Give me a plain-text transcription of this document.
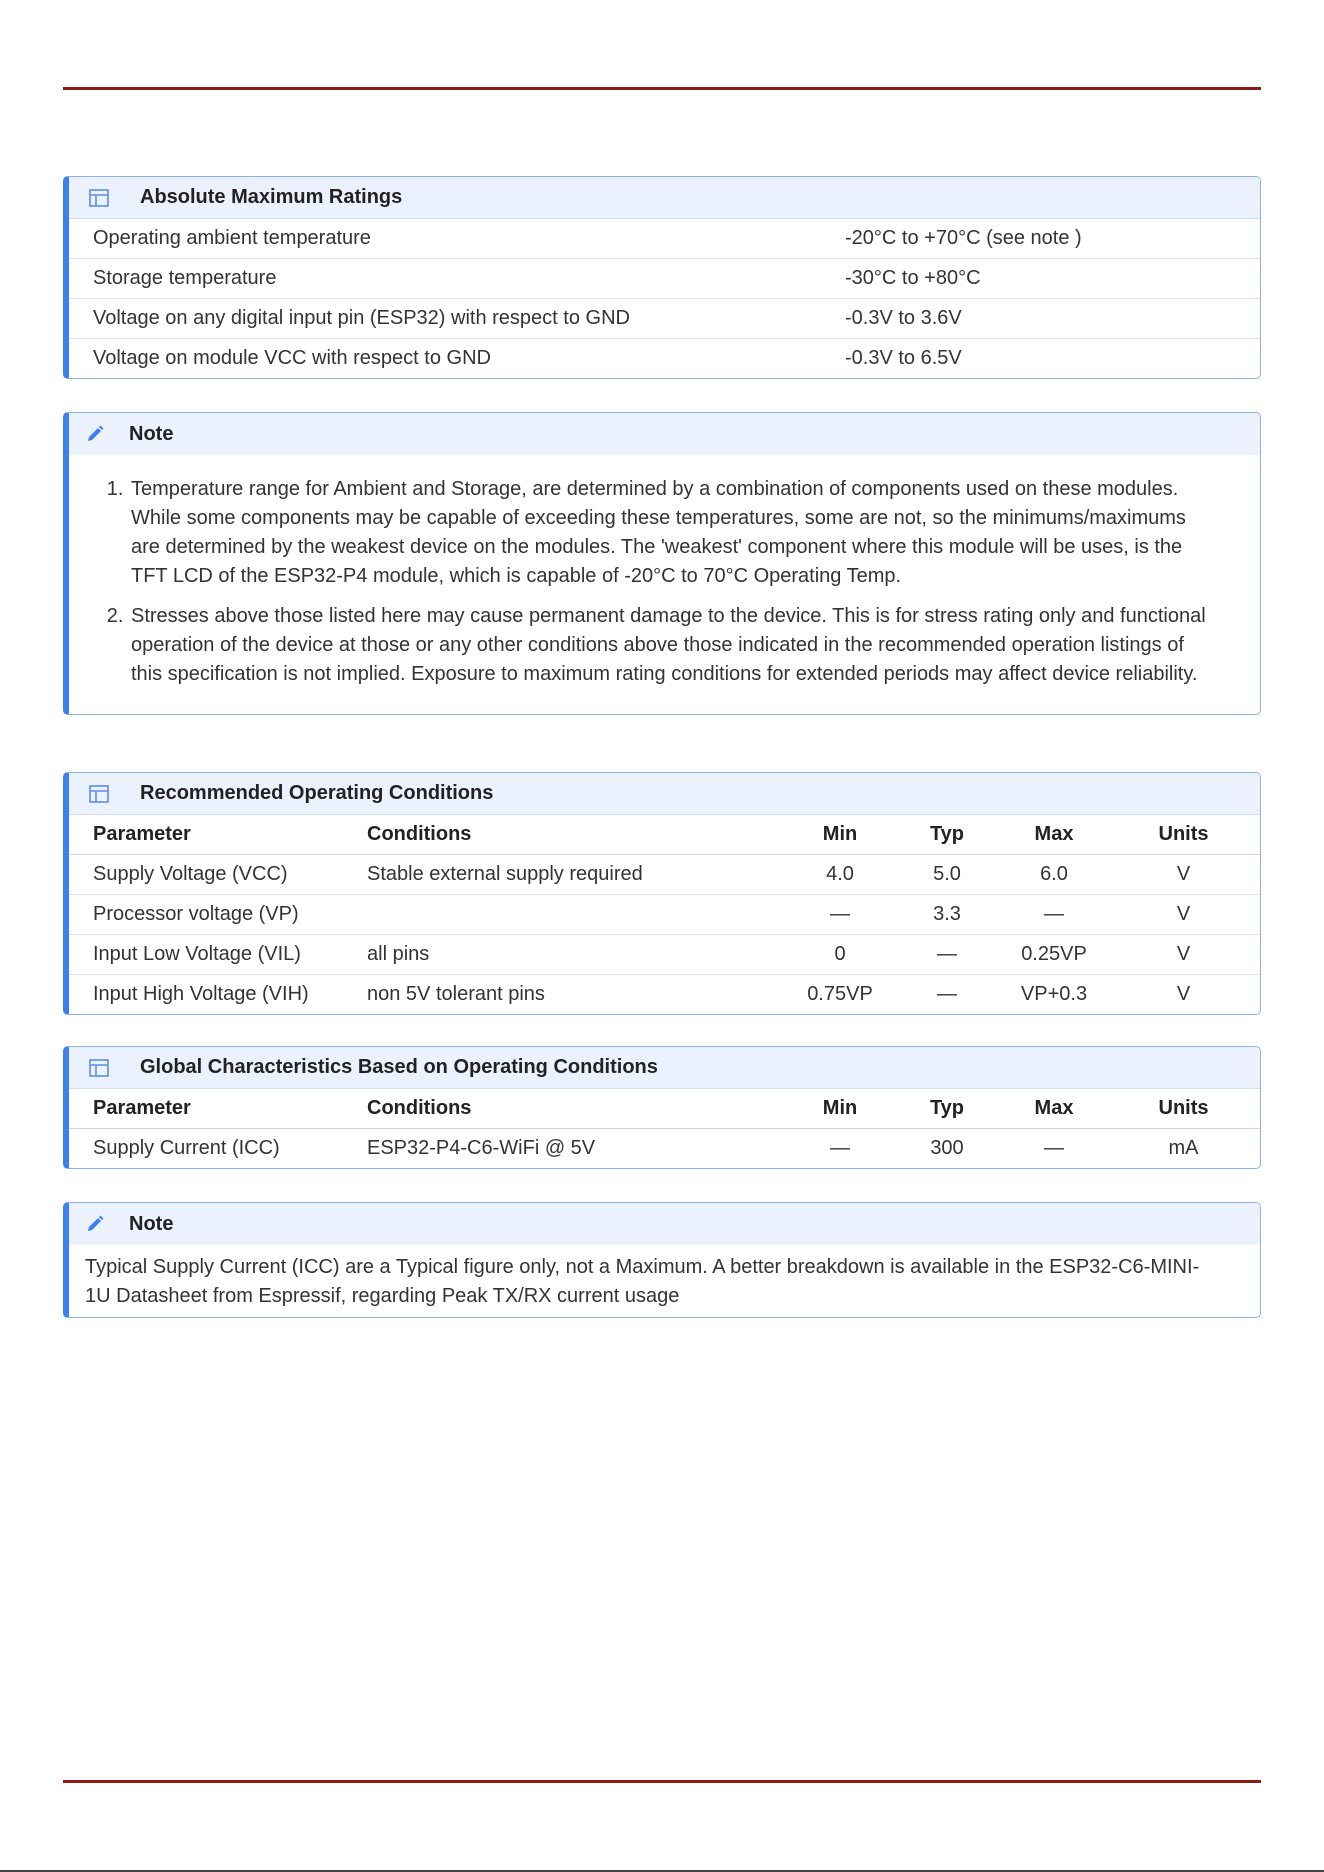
Absolute Maximum Ratings
Operating ambient temperature	-20°C to +70°C (see note )
Storage temperature	-30°C to +80°C
Voltage on any digital input pin (ESP32) with respect to GND	-0.3V to 3.6V
Voltage on module VCC with respect to GND	-0.3V to 6.5V
Note
1. Temperature range for Ambient and Storage, are determined by a combination of components used on these modules. While some components may be capable of exceeding these temperatures, some are not, so the minimums/maximums are determined by the weakest device on the modules. The 'weakest' component where this module will be uses, is the TFT LCD of the ESP32-P4 module, which is capable of -20°C to 70°C Operating Temp.
2. Stresses above those listed here may cause permanent damage to the device. This is for stress rating only and functional operation of the device at those or any other conditions above those indicated in the recommended operation listings of this specification is not implied. Exposure to maximum rating conditions for extended periods may affect device reliability.
Recommended Operating Conditions
Parameter	Conditions	Min	Typ	Max	Units
Supply Voltage (VCC)	Stable external supply required	4.0	5.0	6.0	V
Processor voltage (VP)		—	3.3	—	V
Input Low Voltage (VIL)	all pins	0	—	0.25VP	V
Input High Voltage (VIH)	non 5V tolerant pins	0.75VP	—	VP+0.3	V
Global Characteristics Based on Operating Conditions
Parameter	Conditions	Min	Typ	Max	Units
Supply Current (ICC)	ESP32-P4-C6-WiFi @ 5V	—	300	—	mA
Note

Typical Supply Current (ICC) are a Typical figure only, not a Maximum. A better breakdown is available in the ESP32-C6-MINI-1U Datasheet from Espressif, regarding Peak TX/RX current usage
